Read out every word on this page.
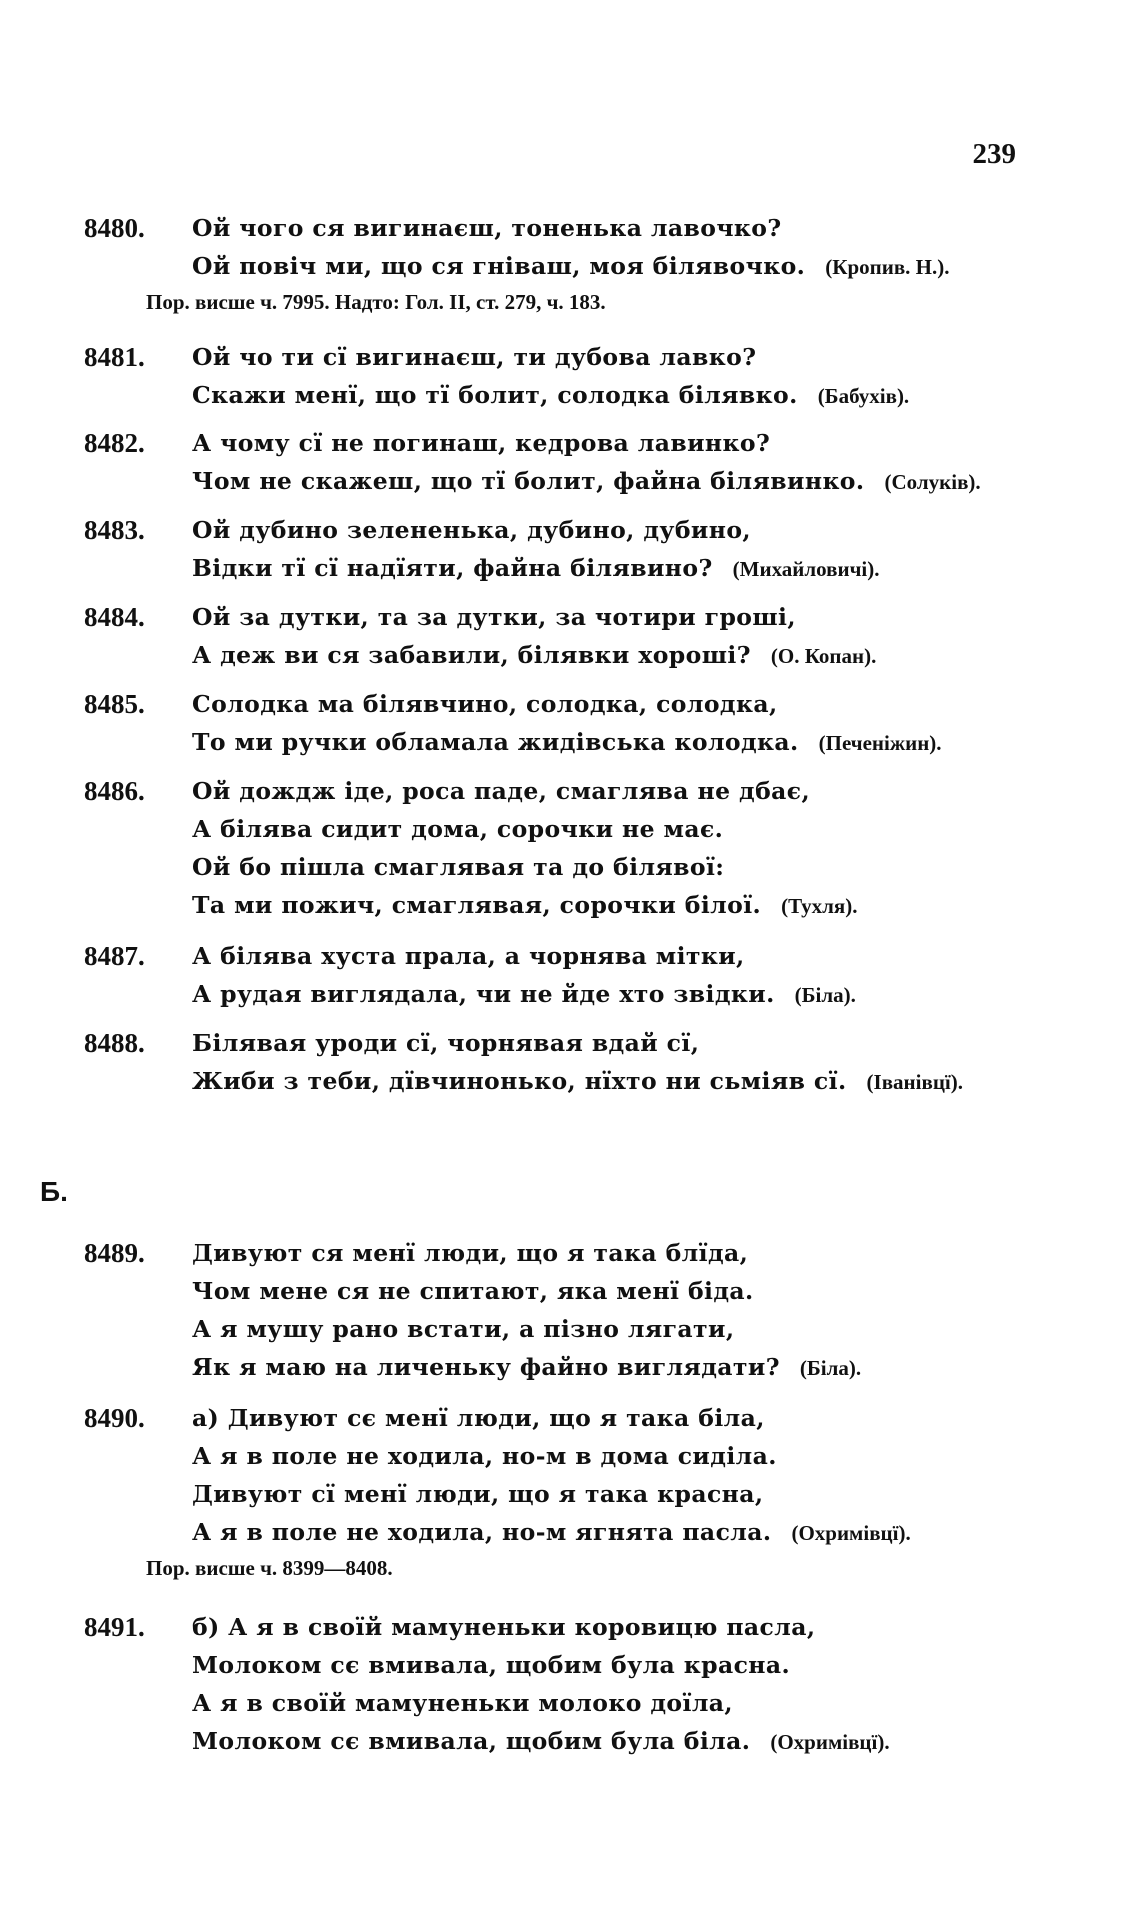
239
8480.	Ой чого ся вигинаєш, тоненька лавочко?
Ой повіч ми, що ся гніваш, моя білявочко. (Кропив. Н.).
Пор. висше ч. 7995. Надто: Гол. II, ст. 279, ч. 183.
8481.	Ой чо ти сї вигинаєш, ти дубова лавко?
Скажи менї, що тї болит, солодка білявко. (Бабухів).
8482.	А чому сї не погинаш, кедрова лавинко?
Чом не скажеш, що тї болит, файна білявинко. (Солуків).
8483.	Ой дубино зелененька, дубино, дубино,
Відки тї сї надїяти, файна білявино? (Михайловичі).
8484.	Ой за дутки, та за дутки, за чотири гроші,
А деж ви ся забавили, білявки хороші? (О. Копан).
8485.	Солодка ма білявчино, солодка, солодка,
То ми ручки обламала жидівська колодка. (Печеніжин).
8486.	Ой дождж іде, роса паде, смаглява не дбає,
А білява сидит дома, сорочки не має.
Ой бо пішла смаглявая та до білявої:
Та ми пожич, смаглявая, сорочки білої. (Тухля).
8487.	А білява хуста прала, а чорнява мітки,
А рудая виглядала, чи не йде хто звідки. (Біла).
8488.	Білявая уроди сї, чорнявая вдай сї,
Жиби з теби, дївчинонько, нїхто ни сьміяв сї. (Іванівцї).
Б.
8489.	Дивуют ся менї люди, що я така блїда,
Чом мене ся не спитают, яка менї біда.
А я мушу рано встати, а пізно лягати,
Як я маю на личеньку файно виглядати? (Біла).
8490.	а) Дивуют сє менї люди, що я така біла,
А я в поле не ходила, но-м в дома сиділа.
Дивуют сї менї люди, що я така красна,
А я в поле не ходила, но-м ягнята пасла. (Охримівцї).
Пор. висше ч. 8399—8408.
8491.	б) А я в своїй мамуненьки коровицю пасла,
Молоком сє вмивала, щобим була красна.
А я в своїй мамуненьки молоко доїла,
Молоком сє вмивала, щобим була біла. (Охримівцї).
